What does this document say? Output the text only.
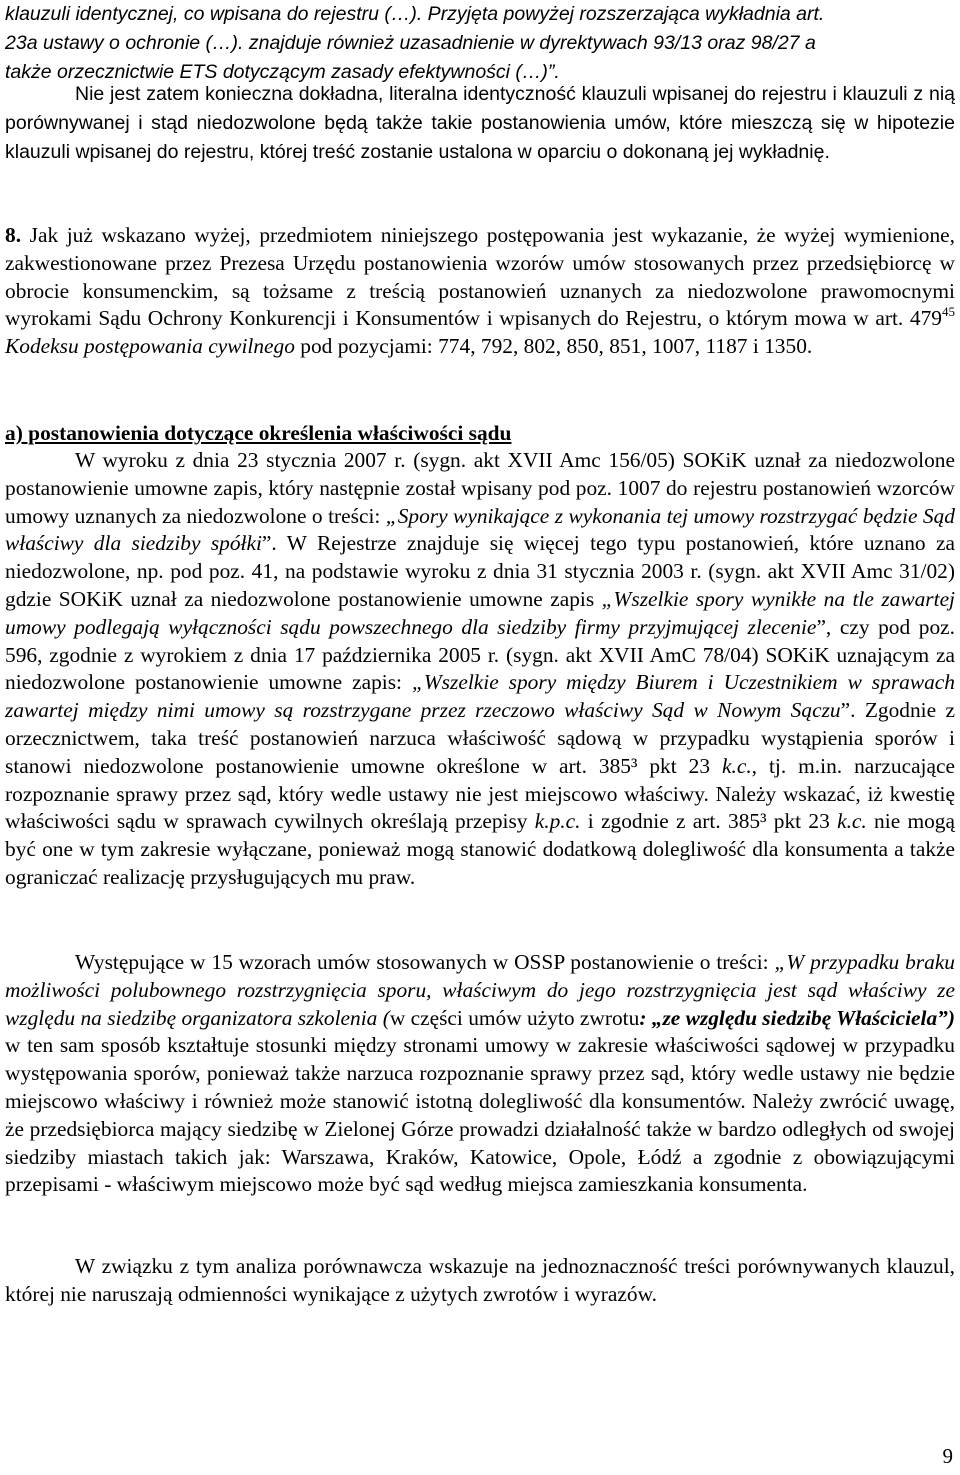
klauzuli identycznej, co wpisana do rejestru (…). Przyjęta powyżej rozszerzająca wykładnia art.
23a ustawy o ochronie (…). znajduje również uzasadnienie w dyrektywach 93/13 oraz 98/27 a
także orzecznictwie ETS dotyczącym zasady efektywności (…)”.

Nie jest zatem konieczna dokładna, literalna identyczność klauzuli wpisanej do rejestru i klauzuli z nią porównywanej i stąd niedozwolone będą także takie postanowienia umów, które mieszczą się w hipotezie klauzuli wpisanej do rejestru, której treść zostanie ustalona w oparciu o dokonaną jej wykładnię.

8. Jak już wskazano wyżej, przedmiotem niniejszego postępowania jest wykazanie, że wyżej wymienione, zakwestionowane przez Prezesa Urzędu postanowienia wzorów umów stosowanych przez przedsiębiorcę w obrocie konsumenckim, są tożsame z treścią postanowień uznanych za niedozwolone prawomocnymi wyrokami Sądu Ochrony Konkurencji i Konsumentów i wpisanych do Rejestru, o którym mowa w art. $479^{45}$ Kodeksu postępowania cywilnego pod pozycjami: 774, 792, 802, 850, 851, 1007, 1187 i 1350.

a) postanowienia dotyczące określenia właściwości sądu

W wyroku z dnia 23 stycznia 2007 r. (sygn. akt XVII Amc 156/05) SOKiK uznał za niedozwolone postanowienie umowne zapis, który następnie został wpisany pod poz. 1007 do rejestru postanowień wzorców umowy uznanych za niedozwolone o treści: „Spory wynikające z wykonania tej umowy rozstrzygać będzie Sąd właściwy dla siedziby spółki”. W Rejestrze znajduje się więcej tego typu postanowień, które uznano za niedozwolone, np. pod poz. 41, na podstawie wyroku z dnia 31 stycznia 2003 r. (sygn. akt XVII Amc 31/02) gdzie SOKiK uznał za niedozwolone postanowienie umowne zapis „Wszelkie spory wynikłe na tle zawartej umowy podlegają wyłączności sądu powszechnego dla siedziby firmy przyjmującej zlecenie”, czy pod poz. 596, zgodnie z wyrokiem z dnia 17 października 2005 r. (sygn. akt XVII AmC 78/04) SOKiK uznającym za niedozwolone postanowienie umowne zapis: „Wszelkie spory między Biurem i Uczestnikiem w sprawach zawartej między nimi umowy są rozstrzygane przez rzeczowo właściwy Sąd w Nowym Sączu”. Zgodnie z orzecznictwem, taka treść postanowień narzuca właściwość sądową w przypadku wystąpienia sporów i stanowi niedozwolone postanowienie umowne określone w art. 385³ pkt 23 k.c., tj. m.in. narzucające rozpoznanie sprawy przez sąd, który wedle ustawy nie jest miejscowo właściwy. Należy wskazać, iż kwestię właściwości sądu w sprawach cywilnych określają przepisy k.p.c. i zgodnie z art. 385³ pkt 23 k.c. nie mogą być one w tym zakresie wyłączane, ponieważ mogą stanowić dodatkową dolegliwość dla konsumenta a także ograniczać realizację przysługujących mu praw.

Występujące w 15 wzorach umów stosowanych w OSSP postanowienie o treści: „W przypadku braku możliwości polubownego rozstrzygnięcia sporu, właściwym do jego rozstrzygnięcia jest sąd właściwy ze względu na siedzibę organizatora szkolenia (w części umów użyto zwrotu: „ze względu siedzibę Właściciela”) w ten sam sposób kształtuje stosunki między stronami umowy w zakresie właściwości sądowej w przypadku występowania sporów, ponieważ także narzuca rozpoznanie sprawy przez sąd, który wedle ustawy nie będzie miejscowo właściwy i również może stanowić istotną dolegliwość dla konsumentów. Należy zwrócić uwagę, że przedsiębiorca mający siedzibę w Zielonej Górze prowadzi działalność także w bardzo odległych od swojej siedziby miastach takich jak: Warszawa, Kraków, Katowice, Opole, Łódź a zgodnie z obowiązującymi przepisami - właściwym miejscowo może być sąd według miejsca zamieszkania konsumenta.

W związku z tym analiza porównawcza wskazuje na jednoznaczność treści porównywanych klauzul, której nie naruszają odmienności wynikające z użytych zwrotów i wyrazów.

9
